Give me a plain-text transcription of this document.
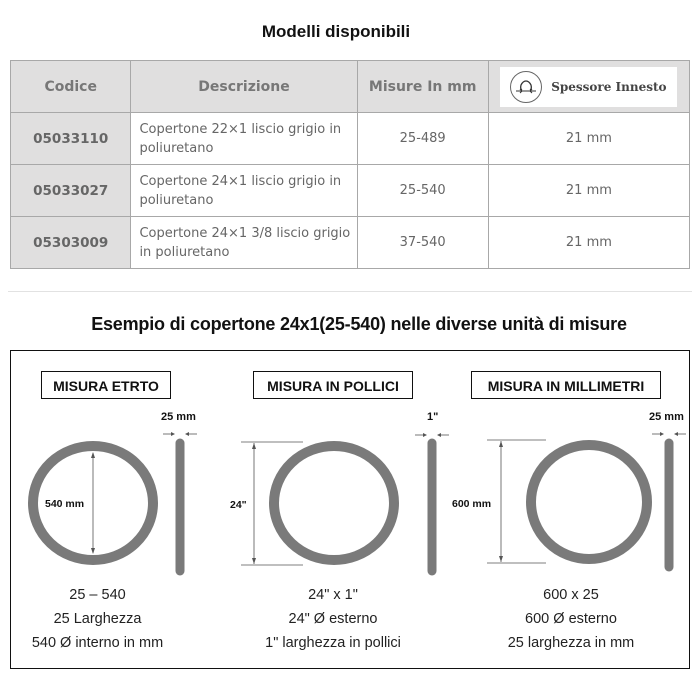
Modelli disponibili
Codice	Descrizione	Misure In mm	Spessore Innesto

05033110	Copertone 22×1 liscio grigio in poliuretano	25-489	21 mm
05033027	Copertone 24×1 liscio grigio in poliuretano	25-540	21 mm
05303009	Copertone 24×1 3/8 liscio grigio in poliuretano	37-540	21 mm
Esempio di copertone 24x1(25-540) nelle diverse unità di misure
MISURA ETRTO
540 mm
25 mm
25 – 540
25 Larghezza
540 Ø interno in mm
MISURA IN POLLICI
24"
1"
24" x 1"
24" Ø esterno
1" larghezza in pollici
MISURA IN MILLIMETRI
600 mm
25 mm
600 x 25
600 Ø esterno
25 larghezza in mm
